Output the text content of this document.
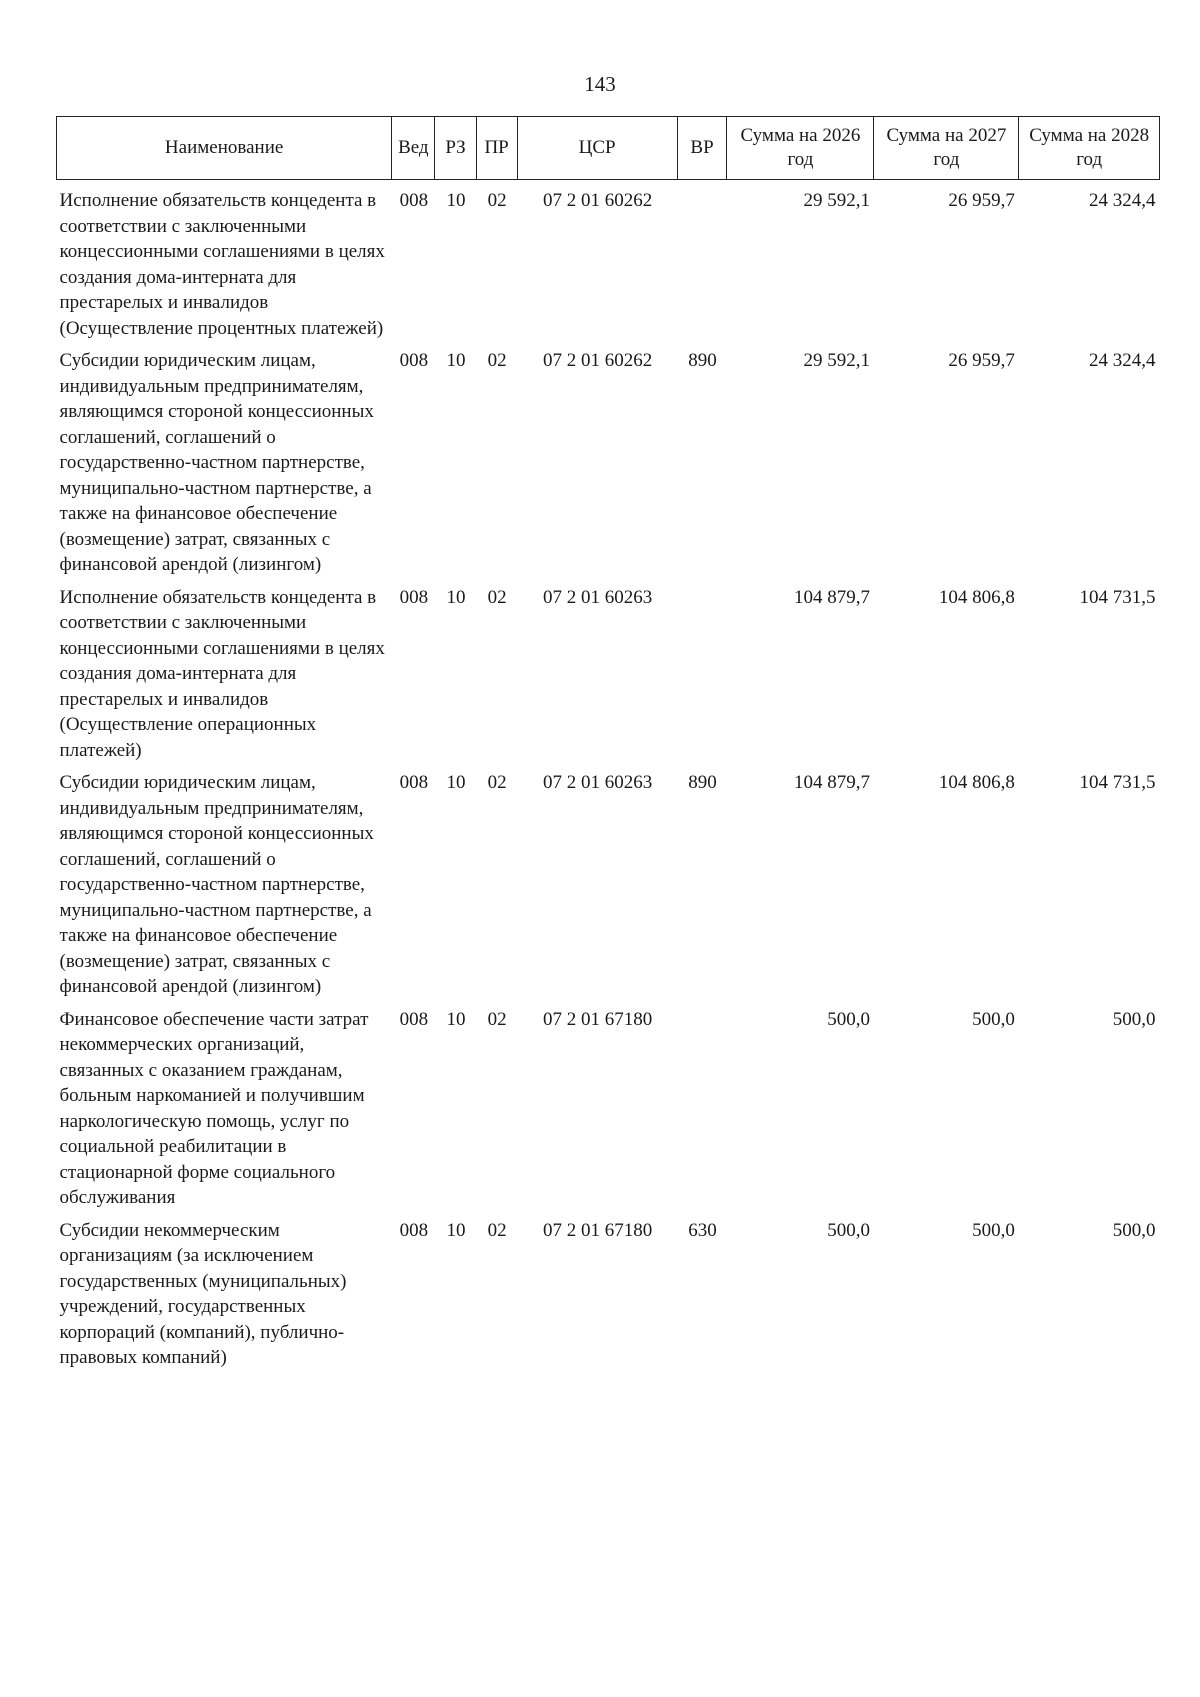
143
Наименование	Вед	РЗ	ПР	ЦСР	ВР	Сумма на 2026 год	Сумма на 2027 год	Сумма на 2028 год
Исполнение обязательств концедента в соответствии с заключенными концессионными соглашениями в целях создания дома-интерната для престарелых и инвалидов (Осуществление процентных платежей)	008	10	02	07 2 01 60262		29 592,1	26 959,7	24 324,4
Субсидии юридическим лицам, индивидуальным предпринимателям, являющимся стороной концессионных соглашений, соглашений о государственно-частном партнерстве, муниципально-частном партнерстве, а также на финансовое обеспечение (возмещение) затрат, связанных с финансовой арендой (лизингом)	008	10	02	07 2 01 60262	890	29 592,1	26 959,7	24 324,4
Исполнение обязательств концедента в соответствии с заключенными концессионными соглашениями в целях создания дома-интерната для престарелых и инвалидов (Осуществление операционных платежей)	008	10	02	07 2 01 60263		104 879,7	104 806,8	104 731,5
Субсидии юридическим лицам, индивидуальным предпринимателям, являющимся стороной концессионных соглашений, соглашений о государственно-частном партнерстве, муниципально-частном партнерстве, а также на финансовое обеспечение (возмещение) затрат, связанных с финансовой арендой (лизингом)	008	10	02	07 2 01 60263	890	104 879,7	104 806,8	104 731,5
Финансовое обеспечение части затрат некоммерческих организаций, связанных с оказанием гражданам, больным наркоманией и получившим наркологическую помощь, услуг по социальной реабилитации в стационарной форме социального обслуживания	008	10	02	07 2 01 67180		500,0	500,0	500,0
Субсидии некоммерческим организациям (за исключением государственных (муниципальных) учреждений, государственных корпораций (компаний), публично-правовых компаний)	008	10	02	07 2 01 67180	630	500,0	500,0	500,0
